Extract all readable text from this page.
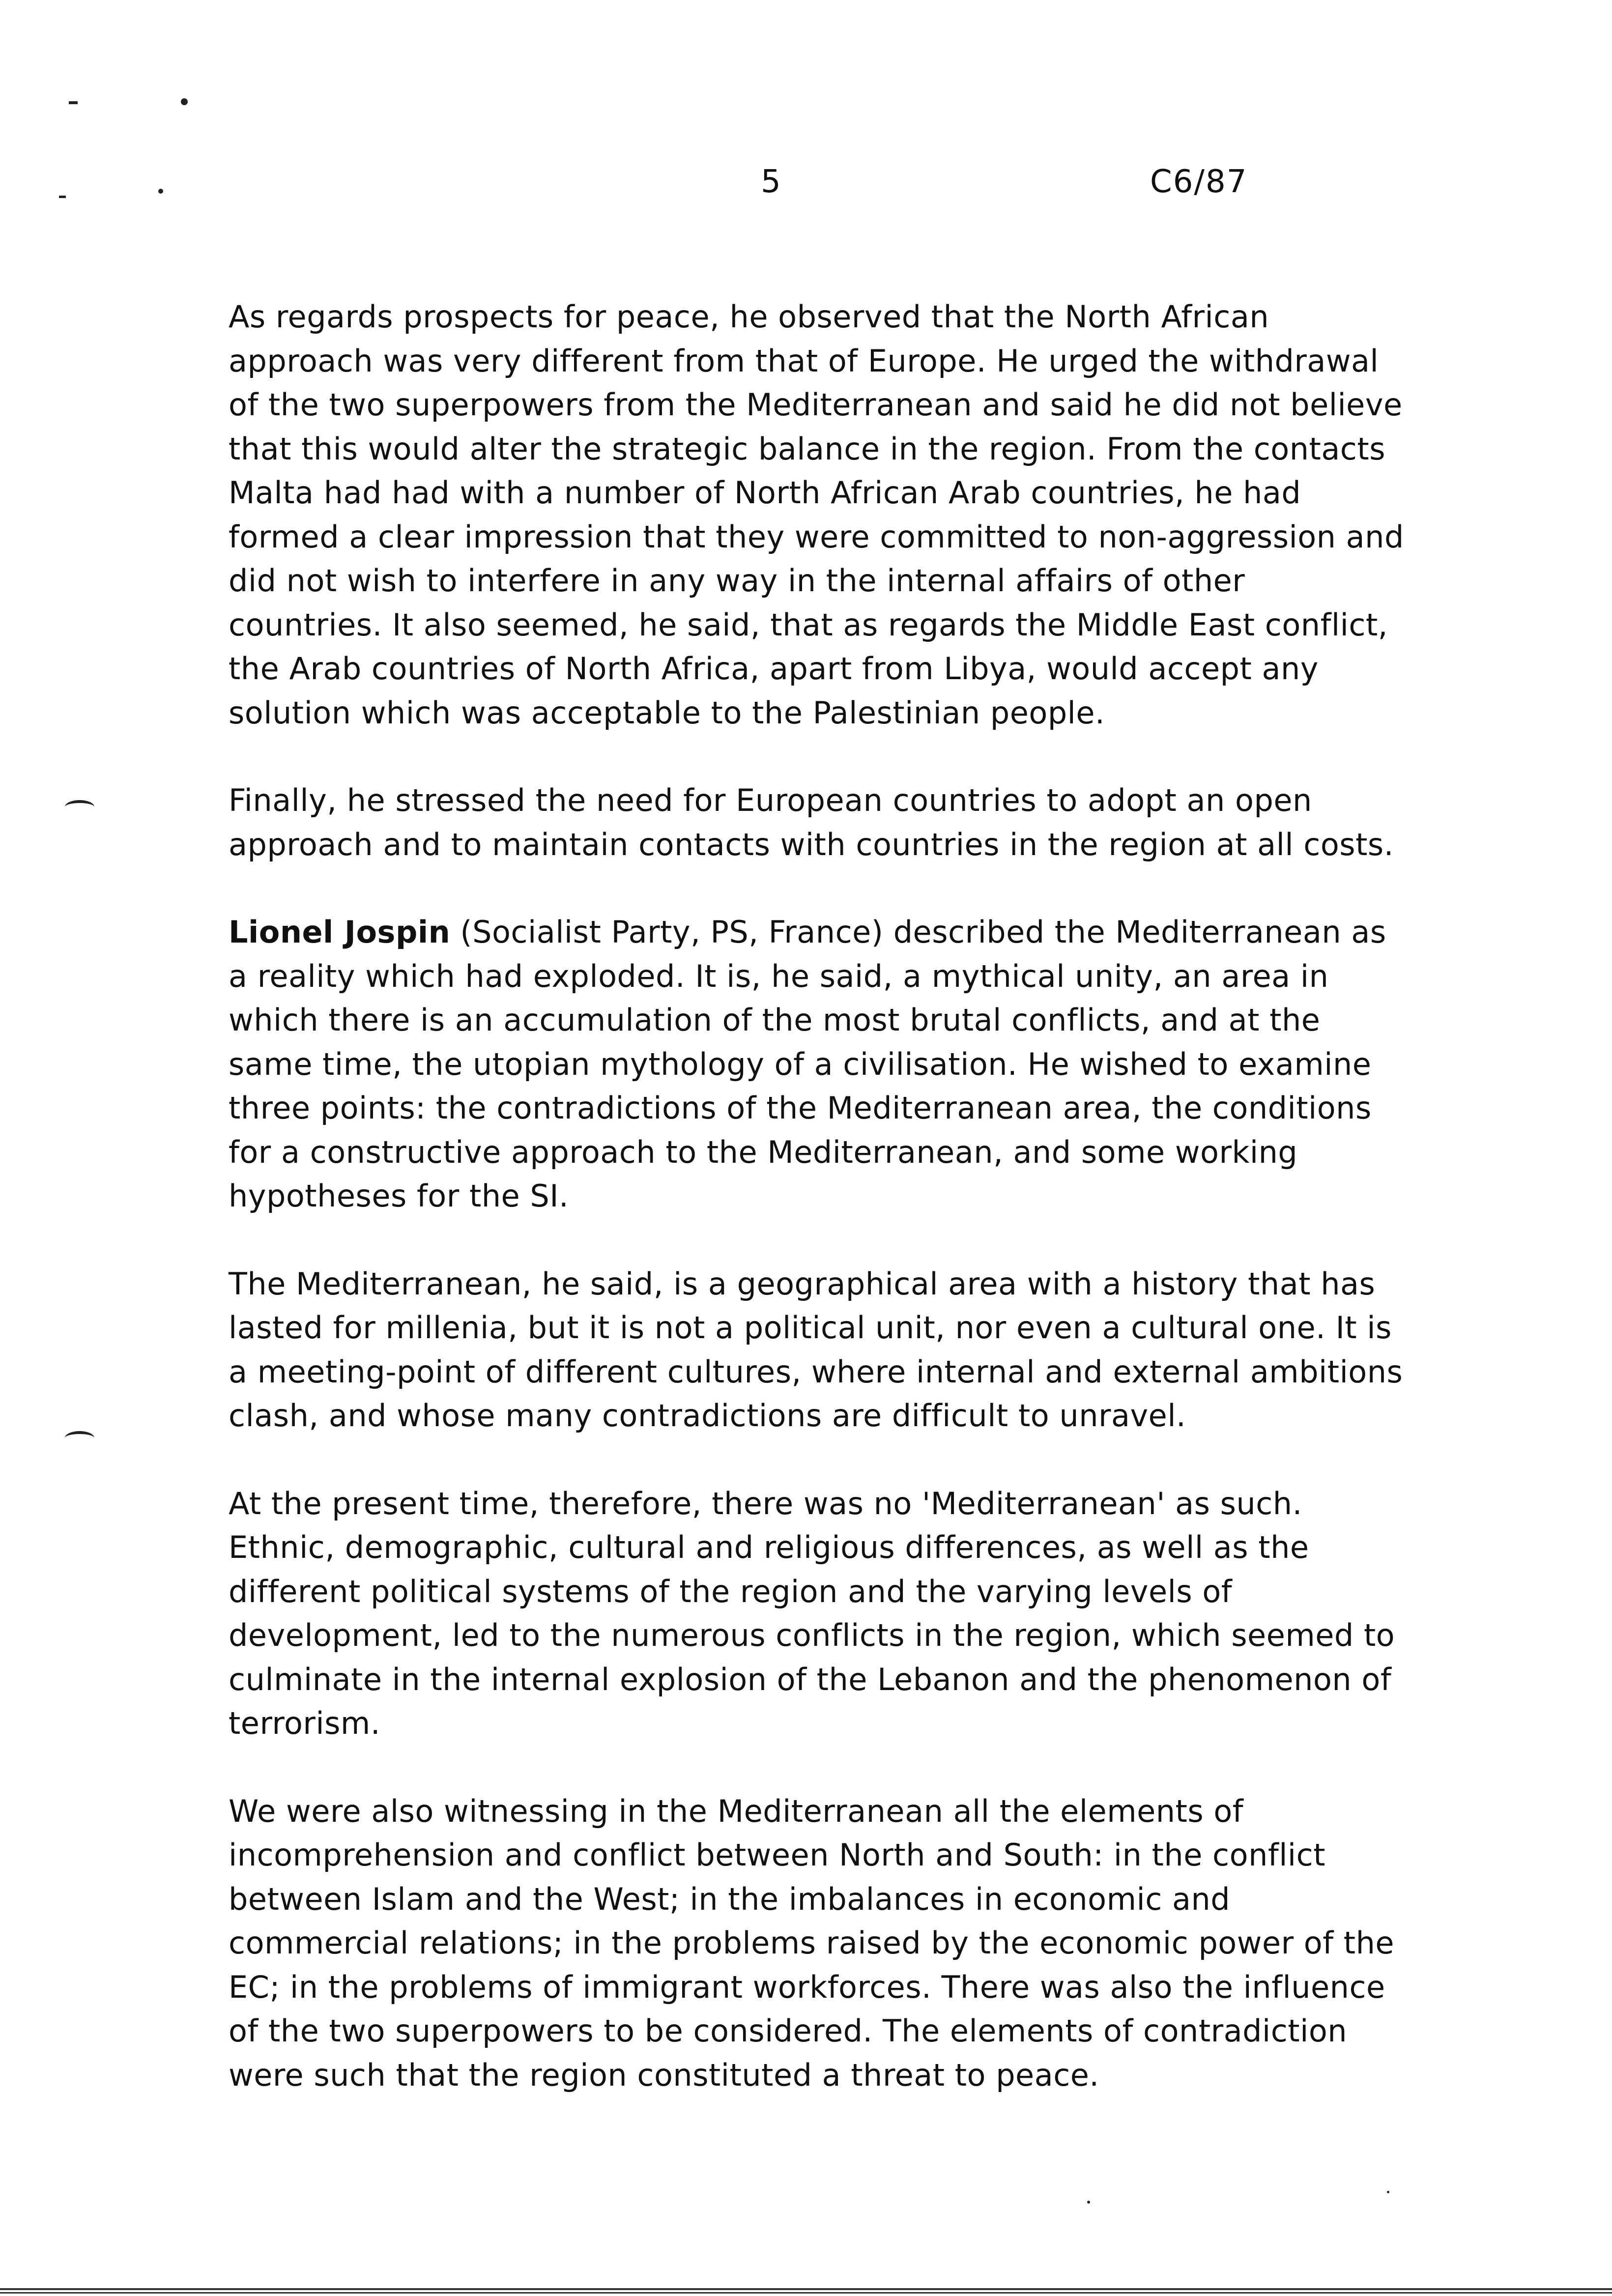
5	C6/87

As regards prospects for peace, he observed that the North African approach was very different from that of Europe. He urged the withdrawal of the two superpowers from the Mediterranean and said he did not believe that this would alter the strategic balance in the region. From the contacts Malta had had with a number of North African Arab countries, he had formed a clear impression that they were committed to non-aggression and did not wish to interfere in any way in the internal affairs of other countries. It also seemed, he said, that as regards the Middle East conflict, the Arab countries of North Africa, apart from Libya, would accept any solution which was acceptable to the Palestinian people.

Finally, he stressed the need for European countries to adopt an open approach and to maintain contacts with countries in the region at all costs.

Lionel Jospin (Socialist Party, PS, France) described the Mediterranean as a reality which had exploded. It is, he said, a mythical unity, an area in which there is an accumulation of the most brutal conflicts, and at the same time, the utopian mythology of a civilisation. He wished to examine three points: the contradictions of the Mediterranean area, the conditions for a constructive approach to the Mediterranean, and some working hypotheses for the SI.

The Mediterranean, he said, is a geographical area with a history that has lasted for millenia, but it is not a political unit, nor even a cultural one. It is a meeting-point of different cultures, where internal and external ambitions clash, and whose many contradictions are difficult to unravel.

At the present time, therefore, there was no 'Mediterranean' as such. Ethnic, demographic, cultural and religious differences, as well as the different political systems of the region and the varying levels of development, led to the numerous conflicts in the region, which seemed to culminate in the internal explosion of the Lebanon and the phenomenon of terrorism.

We were also witnessing in the Mediterranean all the elements of incomprehension and conflict between North and South: in the conflict between Islam and the West; in the imbalances in economic and commercial relations; in the problems raised by the economic power of the EC; in the problems of immigrant workforces. There was also the influence of the two superpowers to be considered. The elements of contradiction were such that the region constituted a threat to peace.
